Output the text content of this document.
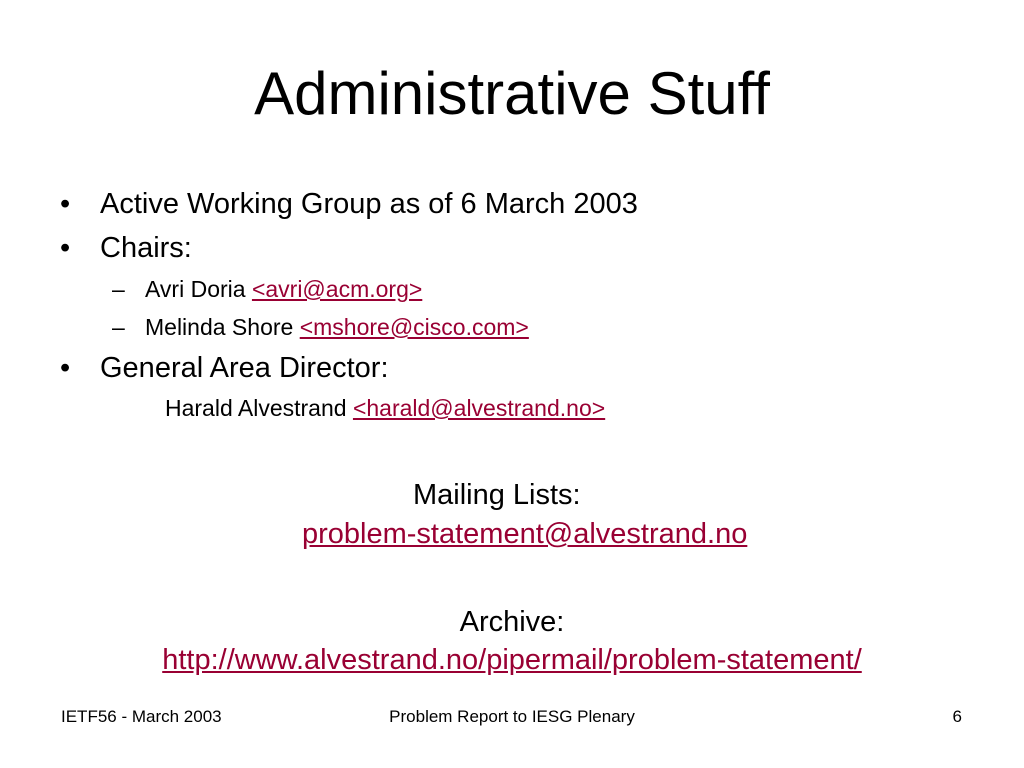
Administrative Stuff
• Active Working Group as of 6 March 2003
• Chairs:
– Avri Doria <avri@acm.org>
– Melinda Shore <mshore@cisco.com>
• General Area Director:
Harald Alvestrand <harald@alvestrand.no>
Mailing Lists:
problem-statement@alvestrand.no
Archive:
http://www.alvestrand.no/pipermail/problem-statement/
IETF56 - March 2003	Problem Report to IESG Plenary	6
